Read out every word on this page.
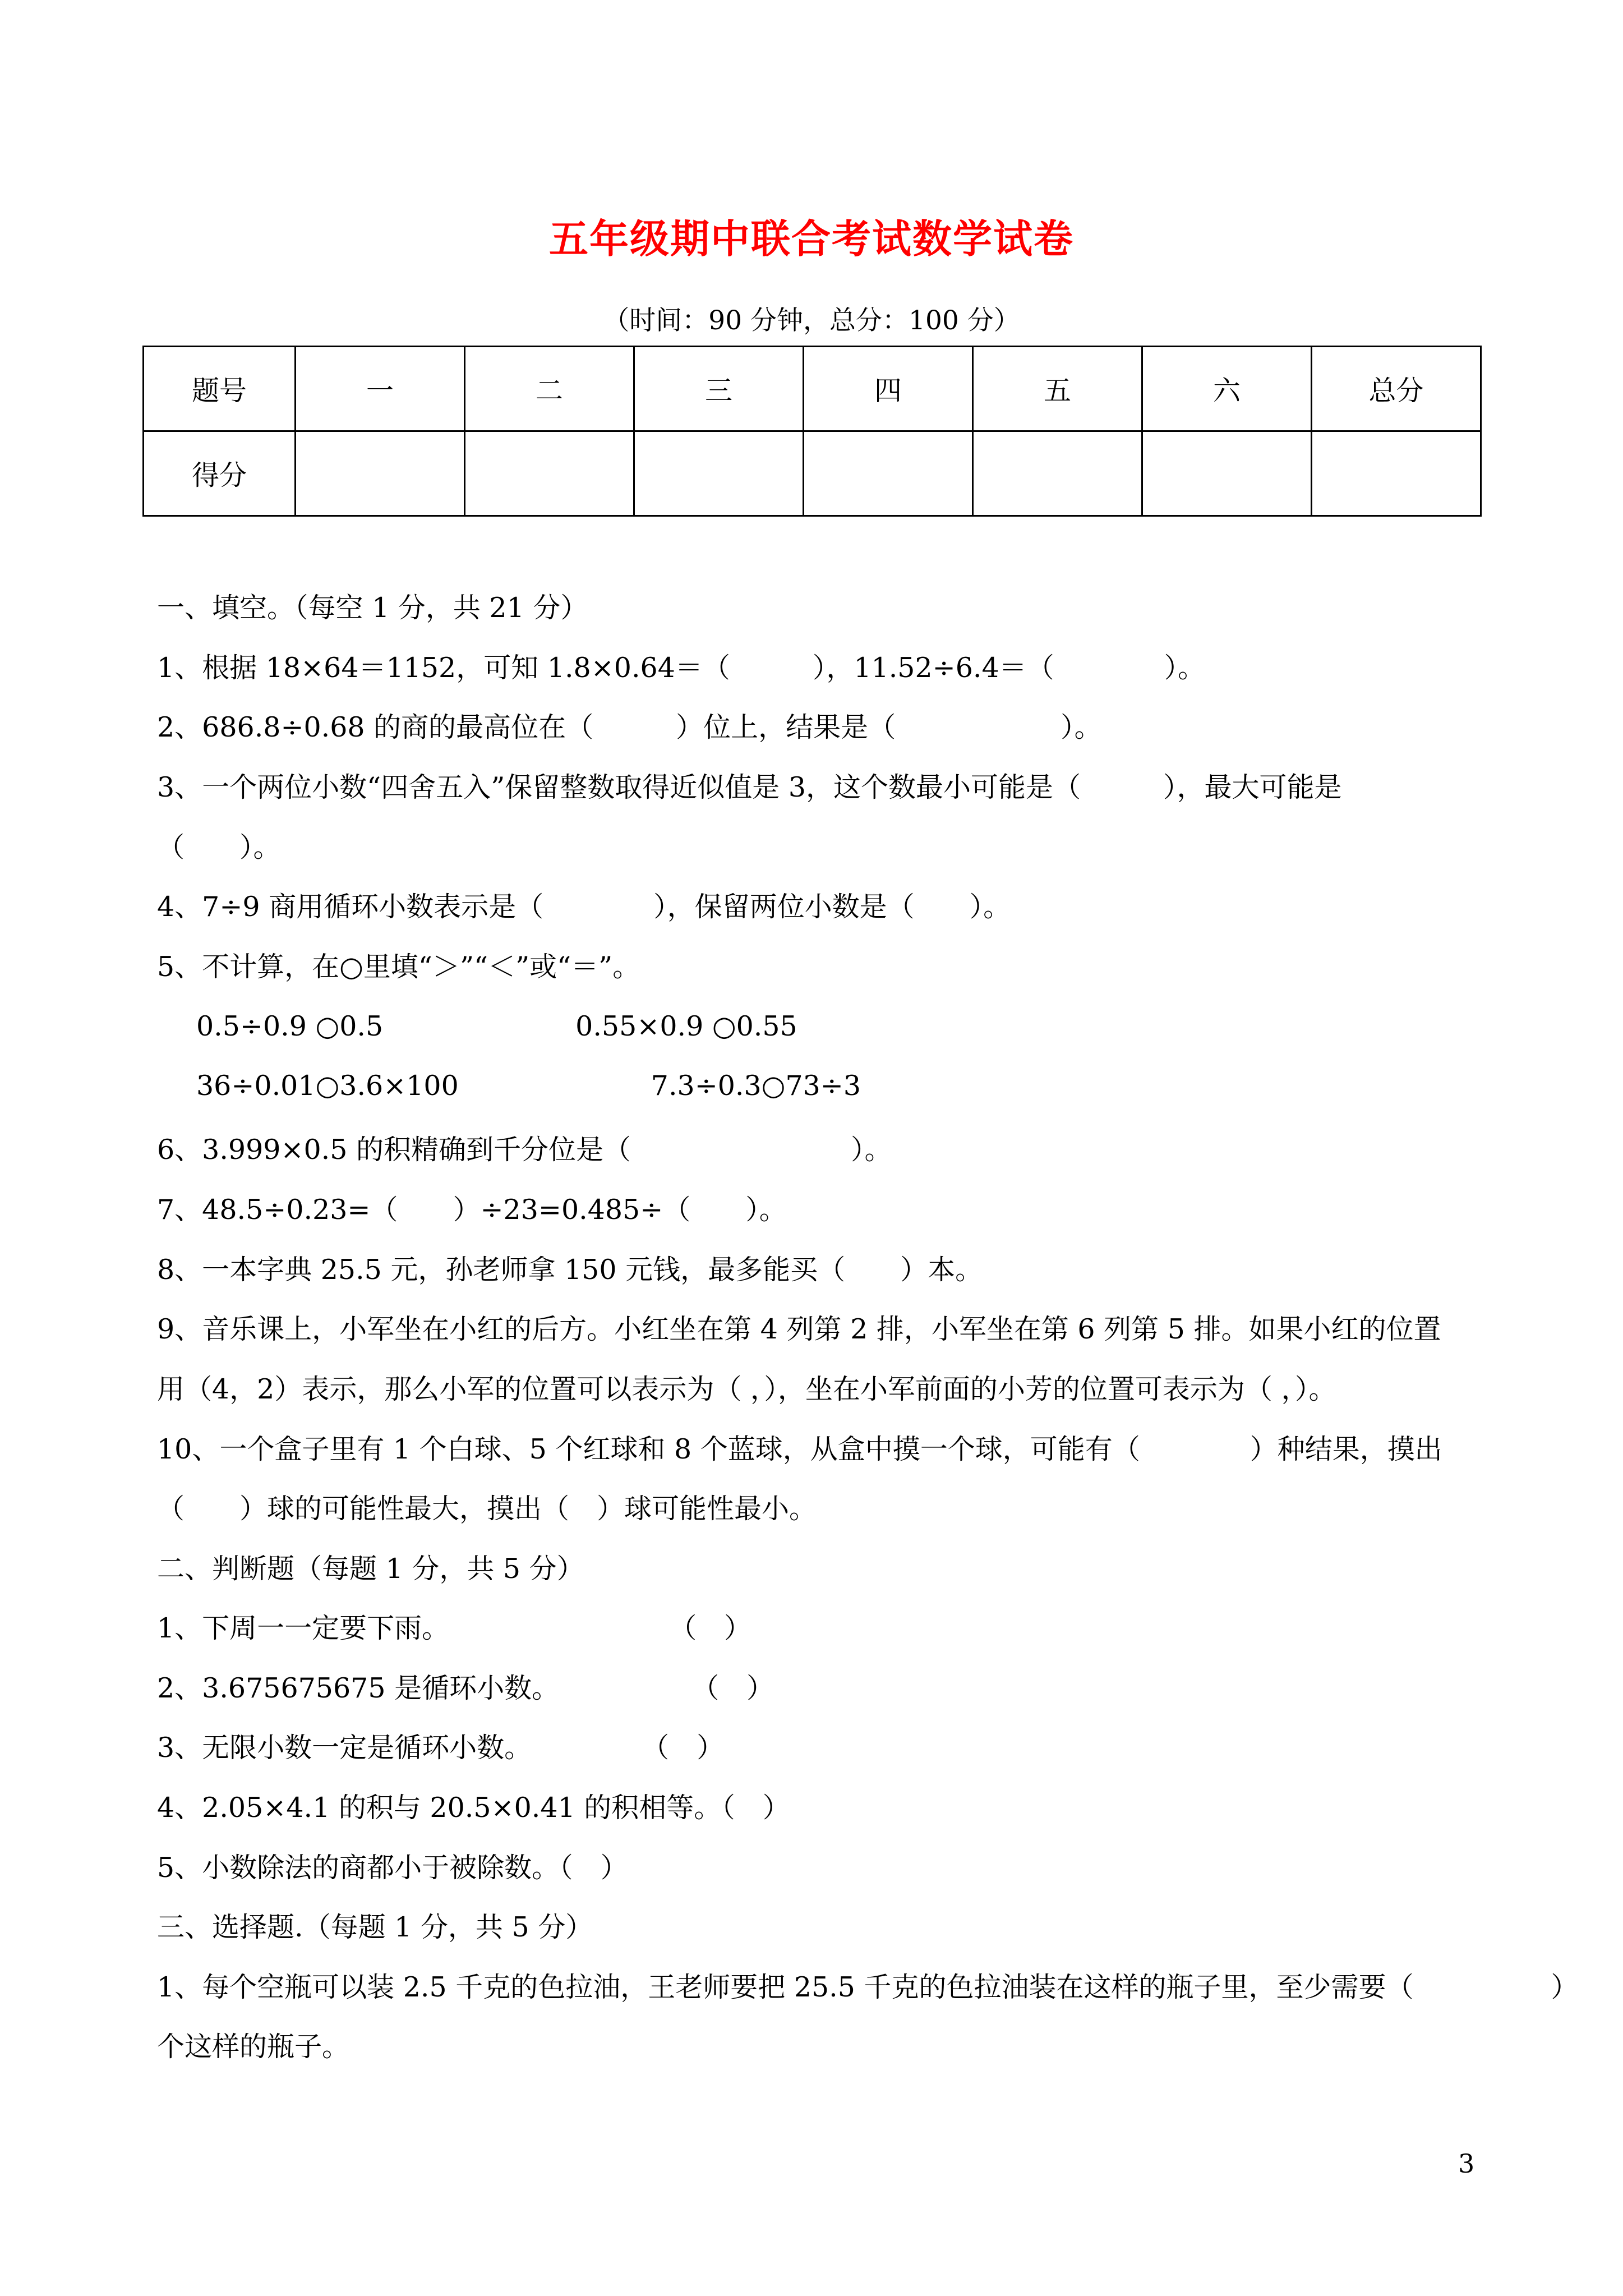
五年级期中联合考试数学试卷
（时间：90 分钟，总分：100 分）
题号	一	二	三	四	五	六	总分
得分							
一、填空。（每空 1 分，共 21 分）
1、根据 18×64＝1152，可知 1.8×0.64＝（　　　），11.52÷6.4＝（　　　　）。
2、686.8÷0.68 的商的最高位在（　　　）位上，结果是（　　　　　　）。
3、一个两位小数“四舍五入”保留整数取得近似值是 3，这个数最小可能是（　　　），最大可能是
（　　）。
4、7÷9 商用循环小数表示是（　　　　），保留两位小数是（　　）。
5、不计算，在○里填“＞”“＜”或“＝”。
0.5÷0.9 ○0.5　　　　　　　0.55×0.9 ○0.55
36÷0.01○3.6×100　　　　　　　7.3÷0.3○73÷3
6、3.999×0.5 的积精确到千分位是（　　　　　　　　）。
7、48.5÷0.23=（　　）÷23=0.485÷（　　）。
8、一本字典 25.5 元，孙老师拿 150 元钱，最多能买（　　）本。
9、音乐课上，小军坐在小红的后方。小红坐在第 4 列第 2 排，小军坐在第 6 列第 5 排。如果小红的位置
用（4，2）表示，那么小军的位置可以表示为（ ，），坐在小军前面的小芳的位置可表示为（ ，）。
10、一个盒子里有 1 个白球、5 个红球和 8 个蓝球，从盒中摸一个球，可能有（　　　　）种结果，摸出
（　　）球的可能性最大，摸出（　）球可能性最小。
二、判断题（每题 1 分，共 5 分）
1、下周一一定要下雨。　　　　　　　　　（　）
2、3.675675675 是循环小数。　　　　　 （　）
3、无限小数一定是循环小数。　　　　　（　）
4、2.05×4.1 的积与 20.5×0.41 的积相等。（　）
5、小数除法的商都小于被除数。（　）
三、选择题.（每题 1 分，共 5 分）
1、每个空瓶可以装 2.5 千克的色拉油，王老师要把 25.5 千克的色拉油装在这样的瓶子里，至少需要（　　　　　）
个这样的瓶子。
3
